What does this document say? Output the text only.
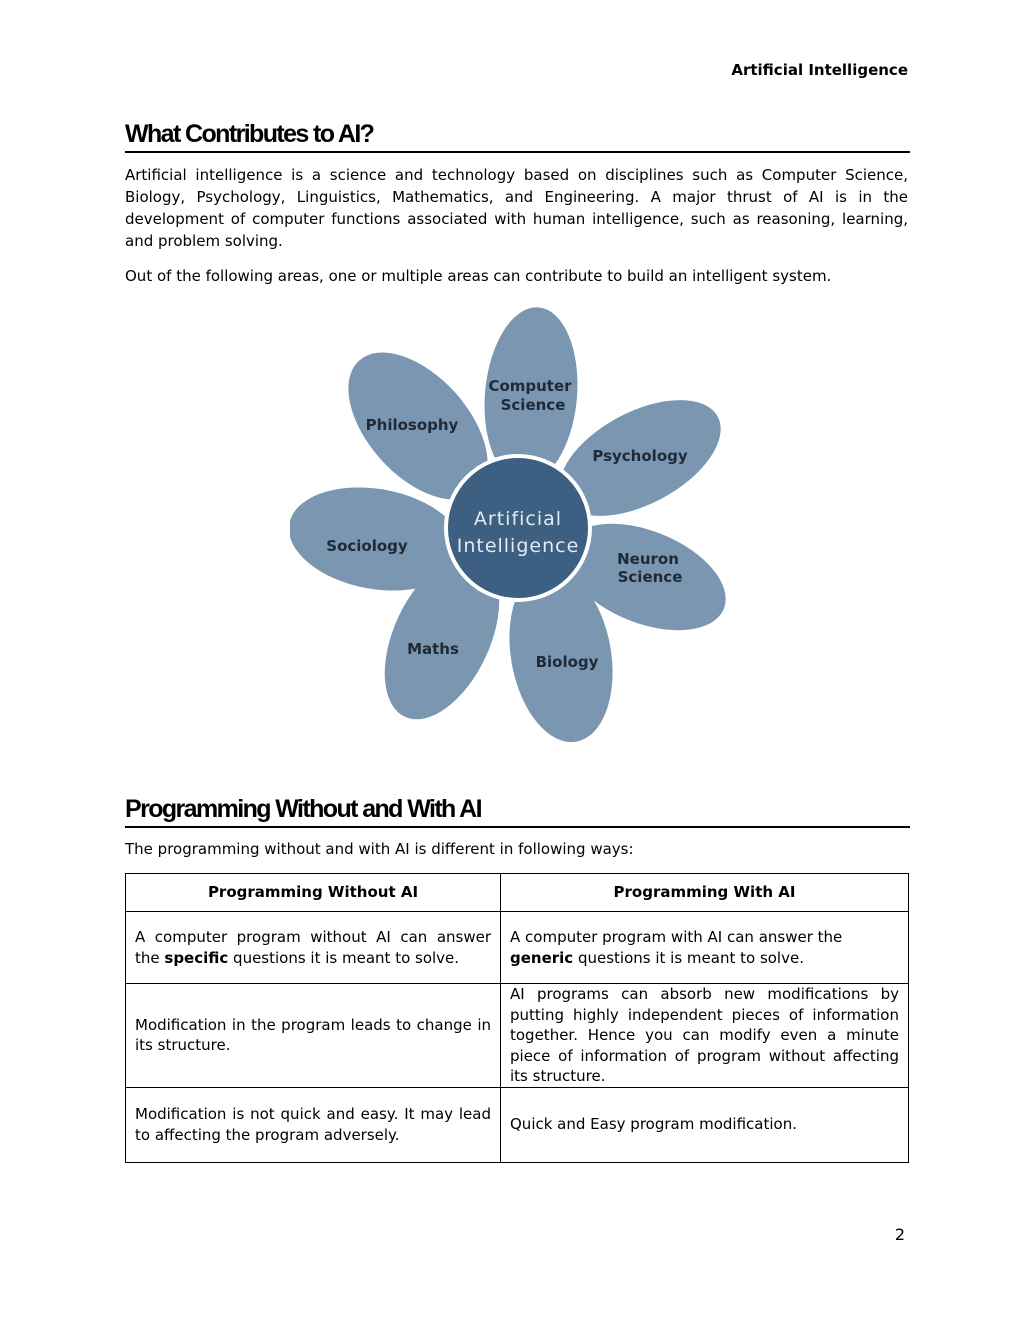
Artificial Intelligence
What Contributes to AI?

Artificial intelligence is a science and technology based on disciplines such as Computer Science, Biology, Psychology, Linguistics, Mathematics, and Engineering. A major thrust of AI is in the development of computer functions associated with human intelligence, such as reasoning, learning, and problem solving.

Out of the following areas, one or multiple areas can contribute to build an intelligent system.

Artificial
Intelligence
Computer
Science
Psychology
Neuron
Science
Biology
Maths
Sociology
Philosophy
Programming Without and With AI

The programming without and with AI is different in following ways:

Programming Without AI	Programming With AI
A computer program without AI can answer the specific questions it is meant to solve.	A computer program with AI can answer the generic questions it is meant to solve.
Modification in the program leads to change in its structure.	AI programs can absorb new modifications by putting highly independent pieces of information together. Hence you can modify even a minute piece of information of program without affecting its structure.
Modification is not quick and easy. It may lead to affecting the program adversely.	Quick and Easy program modification.
2
